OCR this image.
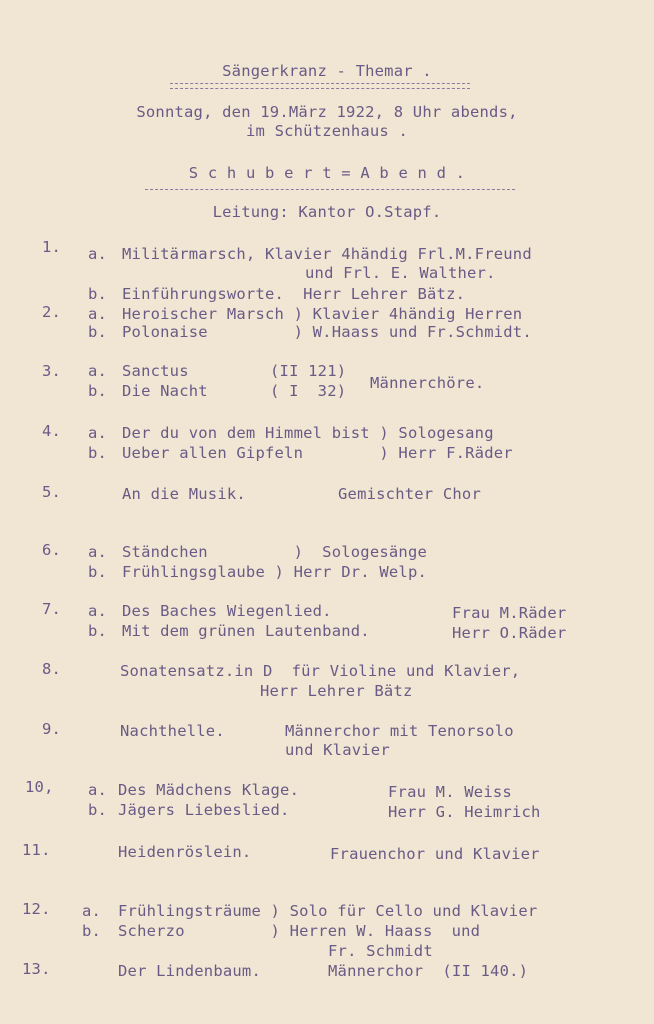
Sängerkranz - Themar .
Sonntag, den 19.März 1922, 8 Uhr abends,
im Schützenhaus .
S c h u b e r t = A b e n d .
Leitung: Kantor O.Stapf.
1. a. Militärmarsch, Klavier 4händig Frl.M.Freund
und Frl. E. Walther.
b. Einführungsworte.  Herr Lehrer Bätz.
2. a. Heroischer Marsch ) Klavier 4händig Herren
b. Polonaise         ) W.Haass und Fr.Schmidt.
3. a. Sanctus	(II 121)
b. Die Nacht	( I  32) Männerchöre.
4. a. Der du von dem Himmel bist ) Sologesang
b. Ueber allen Gipfeln        ) Herr F.Räder
5.	An die Musik.	Gemischter Chor
6. a. Ständchen         )  Sologesänge
b. Frühlingsglaube ) Herr Dr. Welp.
7. a. Des Baches Wiegenlied.	Frau M.Räder
b. Mit dem grünen Lautenband.	Herr O.Räder
8.	Sonatensatz.in D  für Violine und Klavier,
Herr Lehrer Bätz
9.	Nachthelle.	Männerchor mit Tenorsolo
und Klavier
10, a. Des Mädchens Klage.	Frau M. Weiss
b. Jägers Liebeslied.	Herr G. Heimrich
11.	Heidenröslein.	Frauenchor und Klavier
12. a. Frühlingsträume ) Solo für Cello und Klavier
b. Scherzo         ) Herren W. Haass  und
Fr. Schmidt
13.	Der Lindenbaum.	Männerchor  (II 140.)
